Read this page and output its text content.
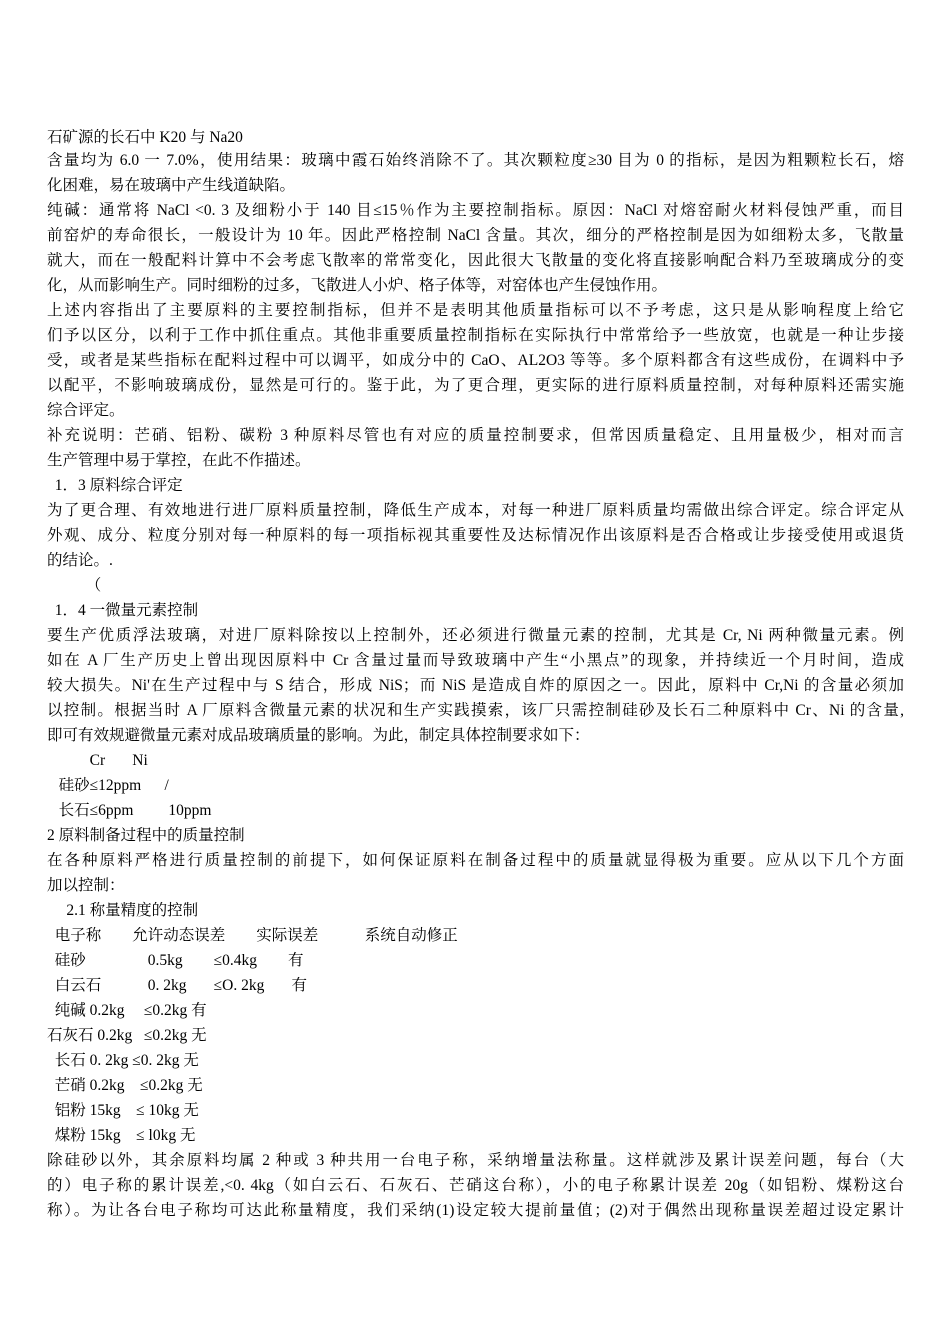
石矿源的长石中 K20 与 Na20
含量均为 6.0 一 7.0%，使用结果：玻璃中霞石始终消除不了。其次颗粒度≥30 目为 0 的指标，是因为粗颗粒长石，熔
化困难，易在玻璃中产生线道缺陷。
纯碱：通常将 NaCl <0. 3 及细粉小于 140 目≤15％作为主要控制指标。原因：NaCl 对熔窑耐火材料侵蚀严重，而目
前窑炉的寿命很长，一般设计为 10 年。因此严格控制 NaCl 含量。其次，细分的严格控制是因为如细粉太多，飞散量
就大，而在一般配料计算中不会考虑飞散率的常常变化，因此很大飞散量的变化将直接影响配合料乃至玻璃成分的变
化，从而影响生产。同时细粉的过多，飞散进人小炉、格子体等，对窑体也产生侵蚀作用。
上述内容指出了主要原料的主要控制指标，但并不是表明其他质量指标可以不予考虑，这只是从影响程度上给它
们予以区分，以利于工作中抓住重点。其他非重要质量控制指标在实际执行中常常给予一些放宽，也就是一种让步接
受，或者是某些指标在配料过程中可以调平，如成分中的 CaO、AL2O3 等等。多个原料都含有这些成份，在调料中予
以配平，不影响玻璃成份，显然是可行的。鉴于此，为了更合理，更实际的进行原料质量控制，对每种原料还需实施
综合评定。
补充说明：芒硝、铝粉、碳粉 3 种原料尽管也有对应的质量控制要求，但常因质量稳定、且用量极少，相对而言
生产管理中易于掌控，在此不作描述。
1．3 原料综合评定
为了更合理、有效地进行进厂原料质量控制，降低生产成本，对每一种进厂原料质量均需做出综合评定。综合评定从
外观、成分、粒度分别对每一种原料的每一项指标视其重要性及达标情况作出该原料是否合格或让步接受使用或退货
的结论。.
（
1．4 一微量元素控制
要生产优质浮法玻璃，对进厂原料除按以上控制外，还必须进行微量元素的控制，尤其是 Cr, Ni 两种微量元素。例
如在 A 厂生产历史上曾出现因原料中 Cr 含量过量而导致玻璃中产生“小黑点”的现象，并持续近一个月时间，造成
较大损失。Ni'在生产过程中与 S 结合，形成 NiS；而 NiS 是造成自炸的原因之一。因此，原料中 Cr,Ni 的含量必须加
以控制。根据当时 A 厂原料含微量元素的状况和生产实践摸索，该厂只需控制硅砂及长石二种原料中 Cr、Ni 的含量,
即可有效规避微量元素对成品玻璃质量的影响。为此，制定具体控制要求如下：
Cr       Ni
硅砂≤12ppm      /
长石≤6ppm         10ppm
2 原料制备过程中的质量控制
在各种原料严格进行质量控制的前提下，如何保证原料在制备过程中的质量就显得极为重要。应从以下几个方面
加以控制：
2.1 称量精度的控制
电子称        允许动态误差        实际误差            系统自动修正
硅砂                0.5kg        ≤0.4kg        有
白云石            0. 2kg       ≤O. 2kg       有
纯碱 0.2kg     ≤0.2kg 有
石灰石 0.2kg   ≤0.2kg 无
长石 0. 2kg ≤0. 2kg 无
芒硝 0.2kg    ≤0.2kg 无
铝粉 15kg    ≤ 10kg 无
煤粉 15kg    ≤ l0kg 无
除硅砂以外，其余原料均属 2 种或 3 种共用一台电子称，采纳增量法称量。这样就涉及累计误差问题，每台（大
的）电子称的累计误差,<0. 4kg（如白云石、石灰石、芒硝这台称），小的电子称累计误差 20g（如铝粉、煤粉这台
称）。为让各台电子称均可达此称量精度，我们采纳(1)设定较大提前量值；(2)对于偶然出现称量误差超过设定累计
